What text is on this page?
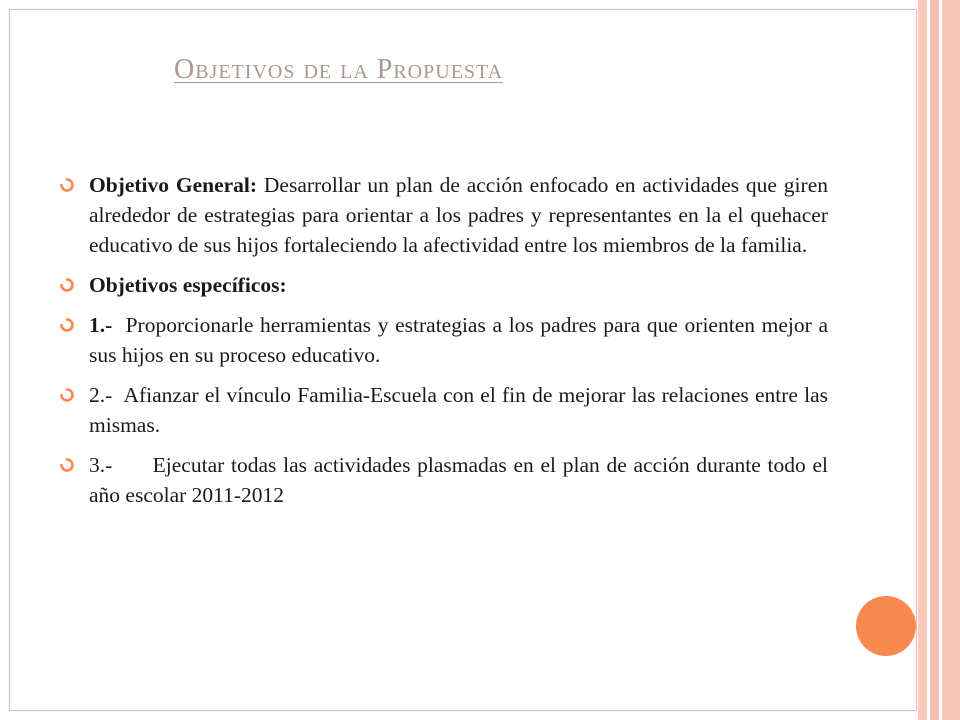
Objetivos de la Propuesta
Objetivo General: Desarrollar un plan de acción enfocado en actividades que giren alrededor de estrategias para orientar a los padres y representantes en la el quehacer educativo de sus hijos fortaleciendo la afectividad entre los miembros de la familia.
Objetivos específicos:
1.-  Proporcionarle herramientas y estrategias a los padres para que orienten mejor a sus hijos en su proceso educativo.
2.-  Afianzar el vínculo Familia-Escuela con el fin de mejorar las relaciones entre las mismas.
3.-      Ejecutar todas las actividades plasmadas en el plan de acción durante todo el año escolar 2011-2012
